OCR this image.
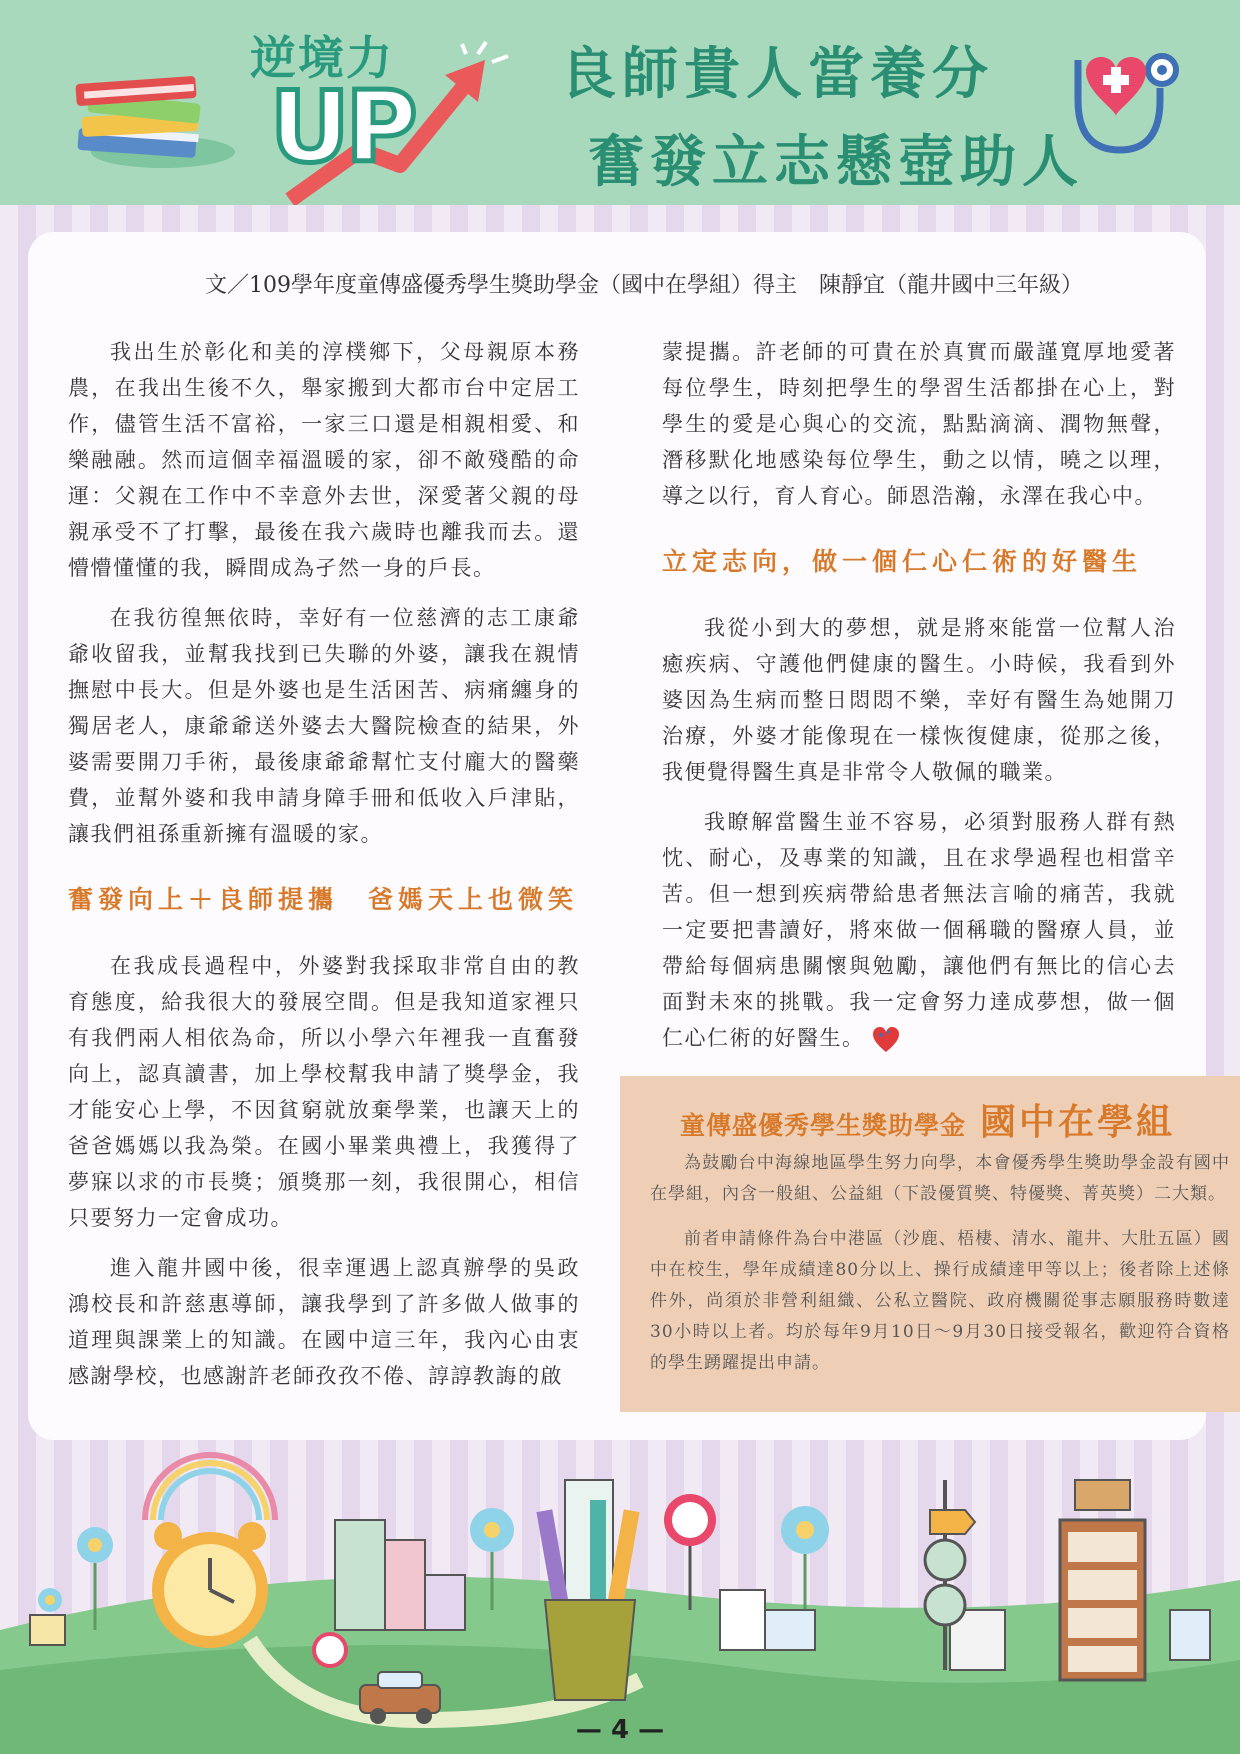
逆境力
UP	良師貴人當養分
奮發立志懸壺助人
文／109學年度童傳盛優秀學生獎助學金（國中在學組）得主　陳靜宜（龍井國中三年級）

我出生於彰化和美的淳樸鄉下，父母親原本務農，在我出生後不久，舉家搬到大都市台中定居工作，儘管生活不富裕，一家三口還是相親相愛、和樂融融。然而這個幸福溫暖的家，卻不敵殘酷的命運：父親在工作中不幸意外去世，深愛著父親的母親承受不了打擊，最後在我六歲時也離我而去。還懵懵懂懂的我，瞬間成為孑然一身的戶長。

在我彷徨無依時，幸好有一位慈濟的志工康爺爺收留我，並幫我找到已失聯的外婆，讓我在親情撫慰中長大。但是外婆也是生活困苦、病痛纏身的獨居老人，康爺爺送外婆去大醫院檢查的結果，外婆需要開刀手術，最後康爺爺幫忙支付龐大的醫藥費，並幫外婆和我申請身障手冊和低收入戶津貼，讓我們祖孫重新擁有溫暖的家。

奮發向上＋良師提攜　爸媽天上也微笑

在我成長過程中，外婆對我採取非常自由的教育態度，給我很大的發展空間。但是我知道家裡只有我們兩人相依為命，所以小學六年裡我一直奮發向上，認真讀書，加上學校幫我申請了獎學金，我才能安心上學，不因貧窮就放棄學業，也讓天上的爸爸媽媽以我為榮。在國小畢業典禮上，我獲得了夢寐以求的市長獎；頒獎那一刻，我很開心，相信只要努力一定會成功。

進入龍井國中後，很幸運遇上認真辦學的吳政鴻校長和許慈惠導師，讓我學到了許多做人做事的道理與課業上的知識。在國中這三年，我內心由衷感謝學校，也感謝許老師孜孜不倦、諄諄教誨的啟

蒙提攜。許老師的可貴在於真實而嚴謹寬厚地愛著每位學生，時刻把學生的學習生活都掛在心上，對學生的愛是心與心的交流，點點滴滴、潤物無聲，潛移默化地感染每位學生，動之以情，曉之以理，導之以行，育人育心。師恩浩瀚，永澤在我心中。

立定志向，做一個仁心仁術的好醫生

我從小到大的夢想，就是將來能當一位幫人治癒疾病、守護他們健康的醫生。小時候，我看到外婆因為生病而整日悶悶不樂，幸好有醫生為她開刀治療，外婆才能像現在一樣恢復健康，從那之後，我便覺得醫生真是非常令人敬佩的職業。

我瞭解當醫生並不容易，必須對服務人群有熱忱、耐心，及專業的知識，且在求學過程也相當辛苦。但一想到疾病帶給患者無法言喻的痛苦，我就一定要把書讀好，將來做一個稱職的醫療人員，並帶給每個病患關懷與勉勵，讓他們有無比的信心去面對未來的挑戰。我一定會努力達成夢想，做一個仁心仁術的好醫生。

童傳盛優秀學生獎助學金 國中在學組

為鼓勵台中海線地區學生努力向學，本會優秀學生獎助學金設有國中在學組，內含一般組、公益組（下設優質獎、特優獎、菁英獎）二大類。

前者申請條件為台中港區（沙鹿、梧棲、清水、龍井、大肚五區）國中在校生，學年成績達80分以上、操行成績達甲等以上；後者除上述條件外，尚須於非營利組織、公私立醫院、政府機關從事志願服務時數達30小時以上者。均於每年9月10日～9月30日接受報名，歡迎符合資格的學生踴躍提出申請。

— 4 —
